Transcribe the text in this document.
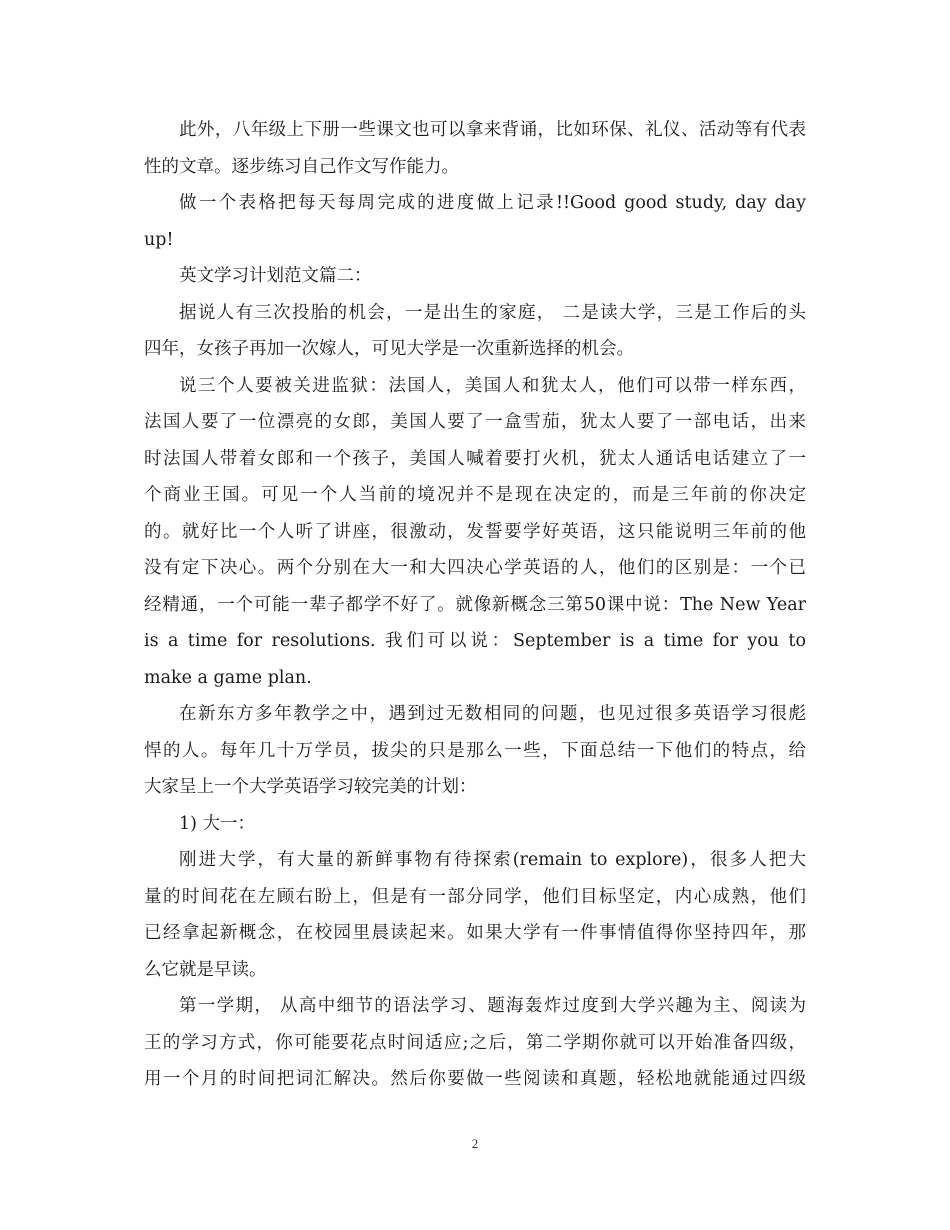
此外，八年级上下册一些课文也可以拿来背诵，比如环保、礼仪、活动等有代表
性的文章。逐步练习自己作文写作能力。
做一个表格把每天每周完成的进度做上记录!!Good good study, day day
up!
英文学习计划范文篇二：
据说人有三次投胎的机会，一是出生的家庭， 二是读大学，三是工作后的头
四年，女孩子再加一次嫁人，可见大学是一次重新选择的机会。
说三个人要被关进监狱：法国人，美国人和犹太人，他们可以带一样东西，
法国人要了一位漂亮的女郎，美国人要了一盒雪茄，犹太人要了一部电话，出来
时法国人带着女郎和一个孩子，美国人喊着要打火机，犹太人通话电话建立了一
个商业王国。可见一个人当前的境况并不是现在决定的，而是三年前的你决定
的。就好比一个人听了讲座，很激动，发誓要学好英语，这只能说明三年前的他
没有定下决心。两个分别在大一和大四决心学英语的人，他们的区别是：一个已
经精通，一个可能一辈子都学不好了。就像新概念三第50课中说：The New Year
is a time for resolutions. 我们可以说：September is a time for you to
make a game plan.
在新东方多年教学之中，遇到过无数相同的问题，也见过很多英语学习很彪
悍的人。每年几十万学员，拔尖的只是那么一些，下面总结一下他们的特点，给
大家呈上一个大学英语学习较完美的计划：
1) 大一：
刚进大学，有大量的新鲜事物有待探索(remain to explore)，很多人把大
量的时间花在左顾右盼上，但是有一部分同学，他们目标坚定，内心成熟，他们
已经拿起新概念，在校园里晨读起来。如果大学有一件事情值得你坚持四年，那
么它就是早读。
第一学期， 从高中细节的语法学习、题海轰炸过度到大学兴趣为主、阅读为
王的学习方式，你可能要花点时间适应;之后，第二学期你就可以开始准备四级，
用一个月的时间把词汇解决。然后你要做一些阅读和真题，轻松地就能通过四级
2
